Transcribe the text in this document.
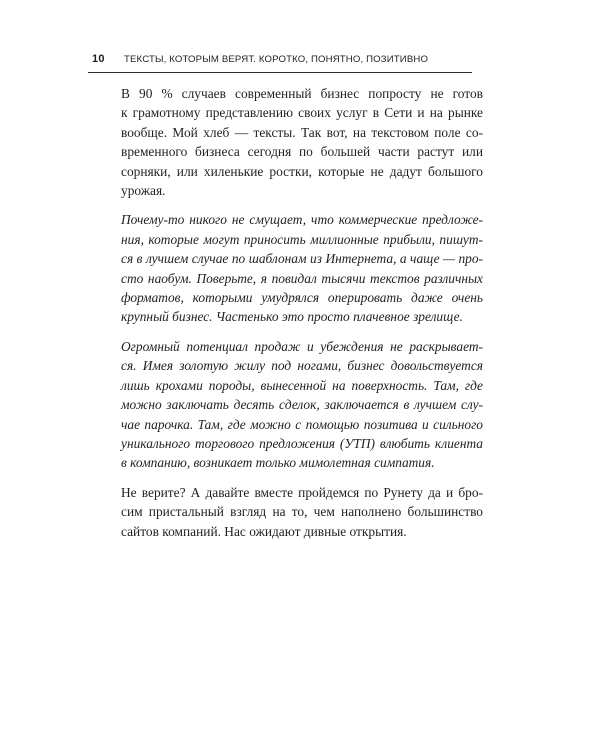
10 ТЕКСТЫ, КОТОРЫМ ВЕРЯТ. КОРОТКО, ПОНЯТНО, ПОЗИТИВНО

В 90 % случаев современный бизнес попросту не готов
к грамотному представлению своих услуг в Сети и на рынке
вообще. Мой хлеб — тексты. Так вот, на текстовом поле со-
временного бизнеса сегодня по большей части растут или
сорняки, или хиленькие ростки, которые не дадут большого
урожая.

Почему-то никого не смущает, что коммерческие предложе-
ния, которые могут приносить миллионные прибыли, пишут-
ся в лучшем случае по шаблонам из Интернета, а чаще — про-
сто наобум. Поверьте, я повидал тысячи текстов различных
форматов, которыми умудрялся оперировать даже очень
крупный бизнес. Частенько это просто плачевное зрелище.

Огромный потенциал продаж и убеждения не раскрывает-
ся. Имея золотую жилу под ногами, бизнес довольствуется
лишь крохами породы, вынесенной на поверхность. Там, где
можно заключать десять сделок, заключается в лучшем слу-
чае парочка. Там, где можно с помощью позитива и сильного
уникального торгового предложения (УТП) влюбить клиента
в компанию, возникает только мимолетная симпатия.

Не верите? А давайте вместе пройдемся по Рунету да и бро-
сим пристальный взгляд на то, чем наполнено большинство
сайтов компаний. Нас ожидают дивные открытия.
